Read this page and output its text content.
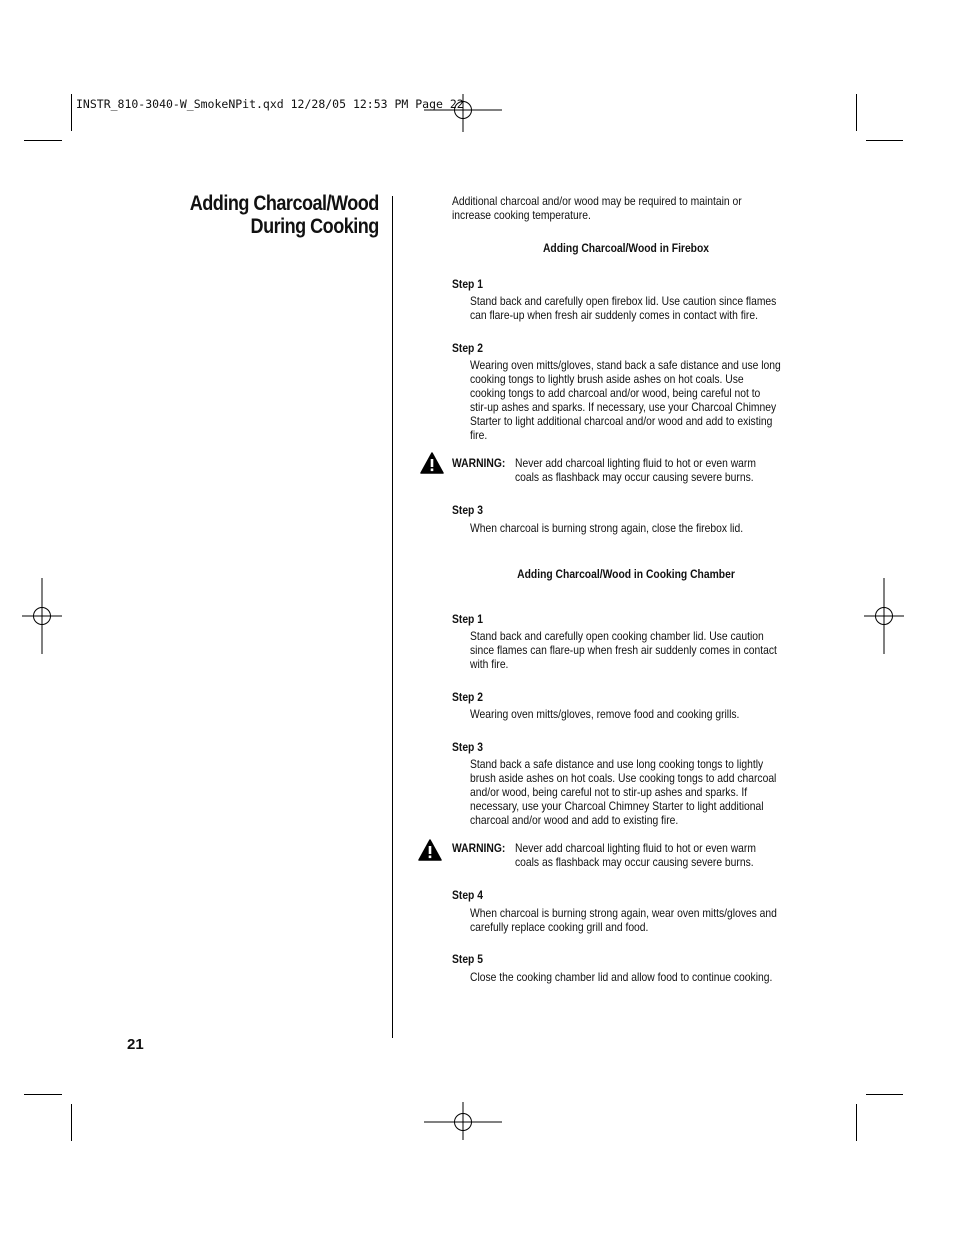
INSTR_810-3040-W_SmokeNPit.qxd 12/28/05 12:53 PM Page 22
Adding Charcoal/Wood
During Cooking
Additional charcoal and/or wood may be required to maintain or
increase cooking temperature.
Adding Charcoal/Wood in Firebox
Step 1
Stand back and carefully open firebox lid. Use caution since flames
can flare-up when fresh air suddenly comes in contact with fire.
Step 2
Wearing oven mitts/gloves, stand back a safe distance and use long
cooking tongs to lightly brush aside ashes on hot coals. Use
cooking tongs to add charcoal and/or wood, being careful not to
stir-up ashes and sparks. If necessary, use your Charcoal Chimney
Starter to light additional charcoal and/or wood and add to existing
fire.
WARNING: Never add charcoal lighting fluid to hot or even warm
coals as flashback may occur causing severe burns.
Step 3
When charcoal is burning strong again, close the firebox lid.
Adding Charcoal/Wood in Cooking Chamber
Step 1
Stand back and carefully open cooking chamber lid. Use caution
since flames can flare-up when fresh air suddenly comes in contact
with fire.
Step 2
Wearing oven mitts/gloves, remove food and cooking grills.
Step 3
Stand back a safe distance and use long cooking tongs to lightly
brush aside ashes on hot coals. Use cooking tongs to add charcoal
and/or wood, being careful not to stir-up ashes and sparks. If
necessary, use your Charcoal Chimney Starter to light additional
charcoal and/or wood and add to existing fire.
WARNING: Never add charcoal lighting fluid to hot or even warm
coals as flashback may occur causing severe burns.
Step 4
When charcoal is burning strong again, wear oven mitts/gloves and
carefully replace cooking grill and food.
Step 5
Close the cooking chamber lid and allow food to continue cooking.
21
